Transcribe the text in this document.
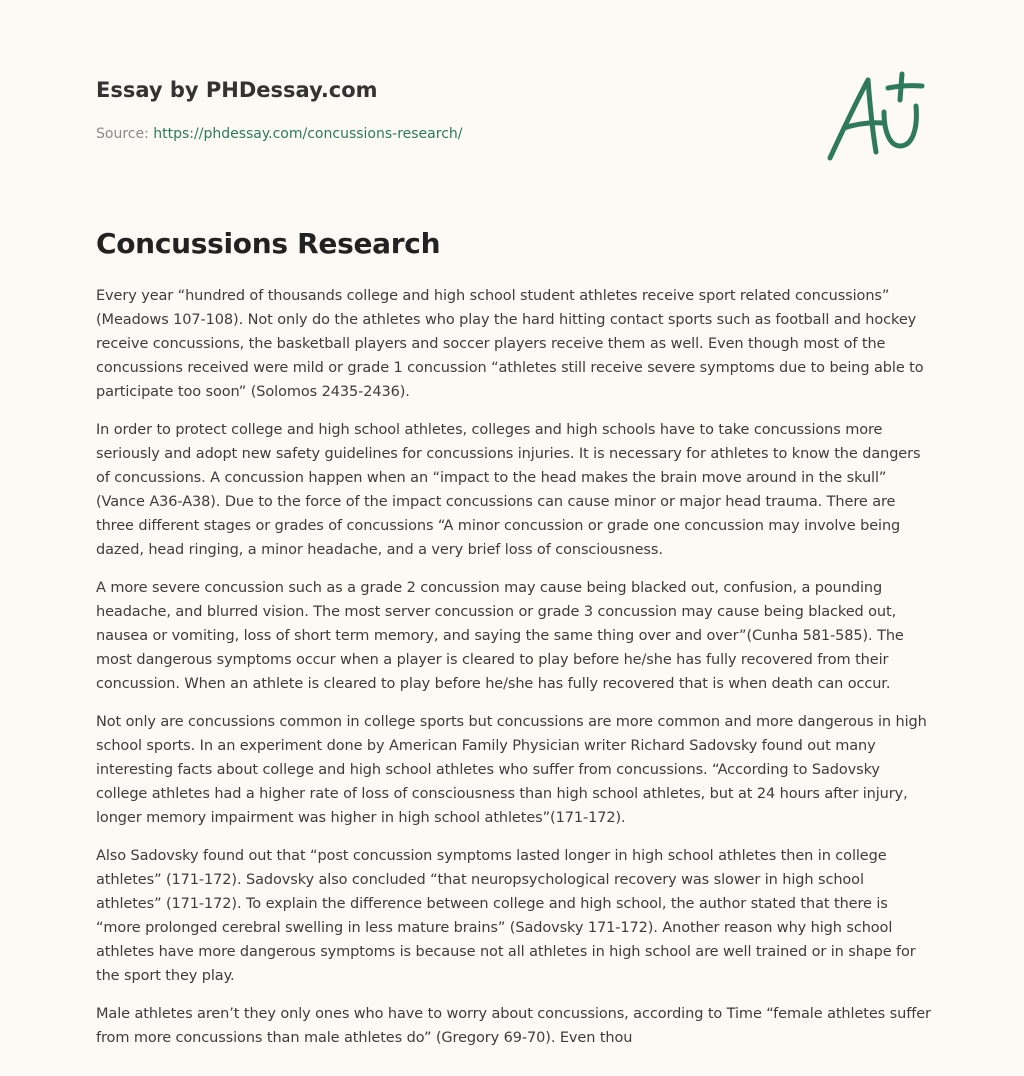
Essay by PHDessay.com
Source: https://phdessay.com/concussions-research/
Concussions Research

Every year “hundred of thousands college and high school student athletes receive sport related concussions” (Meadows 107-108). Not only do the athletes who play the hard hitting contact sports such as football and hockey receive concussions, the basketball players and soccer players receive them as well. Even though most of the concussions received were mild or grade 1 concussion “athletes still receive severe symptoms due to being able to participate too soon” (Solomos 2435-2436).

In order to protect college and high school athletes, colleges and high schools have to take concussions more seriously and adopt new safety guidelines for concussions injuries. It is necessary for athletes to know the dangers of concussions. A concussion happen when an “impact to the head makes the brain move around in the skull” (Vance A36-A38). Due to the force of the impact concussions can cause minor or major head trauma. There are three different stages or grades of concussions “A minor concussion or grade one concussion may involve being dazed, head ringing, a minor headache, and a very brief loss of consciousness.

A more severe concussion such as a grade 2 concussion may cause being blacked out, confusion, a pounding headache, and blurred vision. The most server concussion or grade 3 concussion may cause being blacked out, nausea or vomiting, loss of short term memory, and saying the same thing over and over”(Cunha 581-585). The most dangerous symptoms occur when a player is cleared to play before he/she has fully recovered from their concussion. When an athlete is cleared to play before he/she has fully recovered that is when death can occur.

Not only are concussions common in college sports but concussions are more common and more dangerous in high school sports. In an experiment done by American Family Physician writer Richard Sadovsky found out many interesting facts about college and high school athletes who suffer from concussions. “According to Sadovsky college athletes had a higher rate of loss of consciousness than high school athletes, but at 24 hours after injury, longer memory impairment was higher in high school athletes”(171-172).

Also Sadovsky found out that “post concussion symptoms lasted longer in high school athletes then in college athletes” (171-172). Sadovsky also concluded “that neuropsychological recovery was slower in high school athletes” (171-172). To explain the difference between college and high school, the author stated that there is “more prolonged cerebral swelling in less mature brains” (Sadovsky 171-172). Another reason why high school athletes have more dangerous symptoms is because not all athletes in high school are well trained or in shape for the sport they play.

Male athletes aren’t they only ones who have to worry about concussions, according to Time “female athletes suffer from more concussions than male athletes do” (Gregory 69-70). Even thou
